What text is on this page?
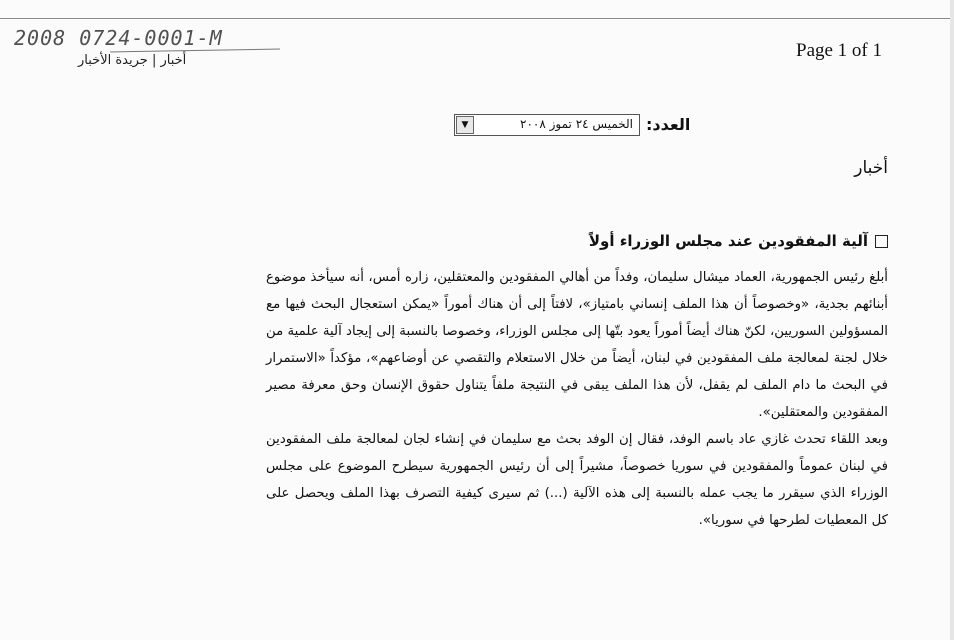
2008 0724-0001-M
أخبار | جريدة الأخبار	Page 1 of 1
▼	الخميس ٢٤ تموز ٢٠٠٨ العدد:
أخبار
آلية المفقودين عند مجلس الوزراء أولاً

أبلغ رئيس الجمهورية، العماد ميشال سليمان، وفداً من أهالي المفقودين والمعتقلين، زاره أمس، أنه سيأخذ موضوع أبنائهم بجدية، «وخصوصاً أن هذا الملف إنساني بامتياز»، لافتاً إلى أن هناك أموراً «يمكن استعجال البحث فيها مع المسؤولين السوريين، لكنّ هناك أيضاً أموراً يعود بتّها إلى مجلس الوزراء، وخصوصا بالنسبة إلى إيجاد آلية علمية من خلال لجنة لمعالجة ملف المفقودين في لبنان، أيضاً من خلال الاستعلام والتقصي عن أوضاعهم»، مؤكداً «الاستمرار في البحث ما دام الملف لم يقفل، لأن هذا الملف يبقى في النتيجة ملفاً يتناول حقوق الإنسان وحق معرفة مصير المفقودين والمعتقلين».

وبعد اللقاء تحدث غازي عاد باسم الوفد، فقال إن الوفد بحث مع سليمان في إنشاء لجان لمعالجة ملف المفقودين في لبنان عموماً والمفقودين في سوريا خصوصاً، مشيراً إلى أن رئيس الجمهورية سيطرح الموضوع على مجلس الوزراء الذي سيقرر ما يجب عمله بالنسبة إلى هذه الآلية (...) ثم سيرى كيفية التصرف بهذا الملف ويحصل على كل المعطيات لطرحها في سوريا».
